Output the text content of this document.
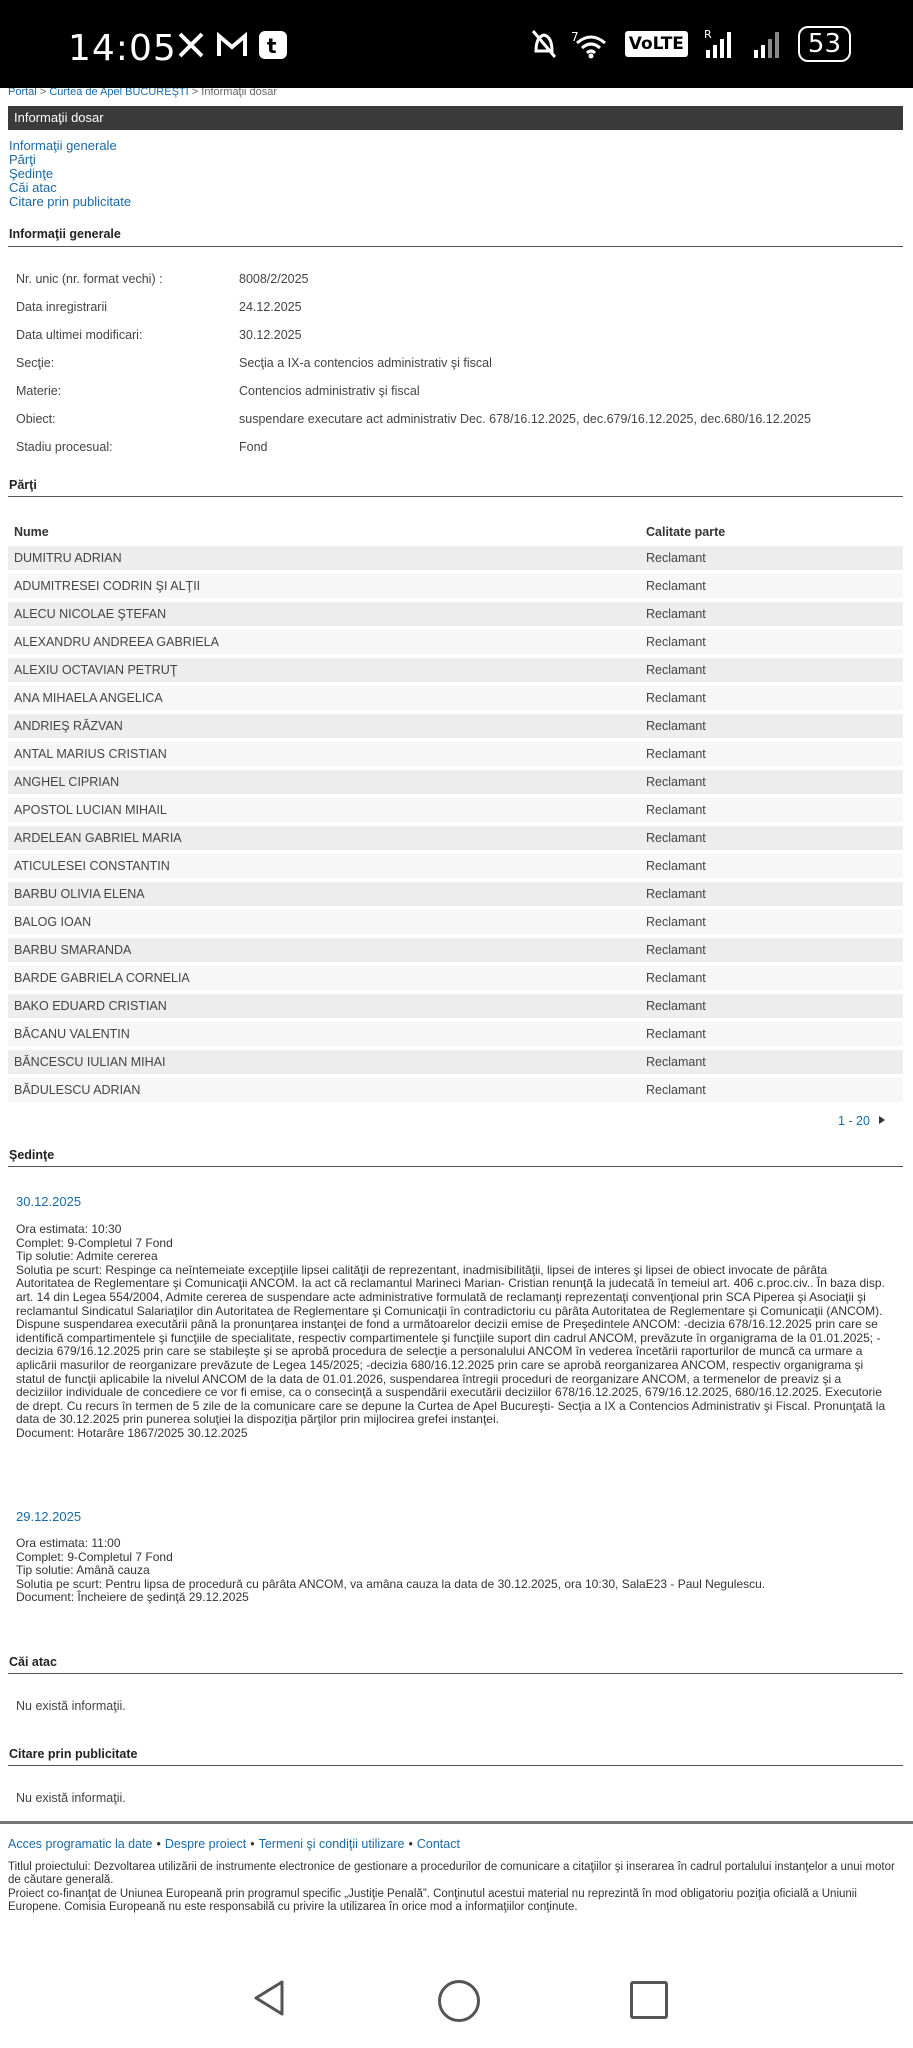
14:05	t	7	VoLTE	R	53
Portal > Curtea de Apel BUCUREŞTI > Informaţii dosar
Informaţii dosar
Informaţii generale
Părţi
Şedinţe
Căi atac
Citare prin publicitate
Informaţii generale
Nr. unic (nr. format vechi) :	8008/2/2025
Data inregistrarii	24.12.2025
Data ultimei modificari:	30.12.2025
Secţie:	Secţia a IX-a contencios administrativ şi fiscal
Materie:	Contencios administrativ şi fiscal
Obiect:	suspendare executare act administrativ Dec. 678/16.12.2025, dec.679/16.12.2025, dec.680/16.12.2025
Stadiu procesual:	Fond
Părţi
Nume	Calitate parte
DUMITRU ADRIAN	Reclamant
ADUMITRESEI CODRIN ŞI ALŢII	Reclamant
ALECU NICOLAE ŞTEFAN	Reclamant
ALEXANDRU ANDREEA GABRIELA	Reclamant
ALEXIU OCTAVIAN PETRUŢ	Reclamant
ANA MIHAELA ANGELICA	Reclamant
ANDRIEŞ RĂZVAN	Reclamant
ANTAL MARIUS CRISTIAN	Reclamant
ANGHEL CIPRIAN	Reclamant
APOSTOL LUCIAN MIHAIL	Reclamant
ARDELEAN GABRIEL MARIA	Reclamant
ATICULESEI CONSTANTIN	Reclamant
BARBU OLIVIA ELENA	Reclamant
BALOG IOAN	Reclamant
BARBU SMARANDA	Reclamant
BARDE GABRIELA CORNELIA	Reclamant
BAKO EDUARD CRISTIAN	Reclamant
BĂCANU VALENTIN	Reclamant
BĂNCESCU IULIAN MIHAI	Reclamant
BĂDULESCU ADRIAN	Reclamant
1 - 20
Şedinţe
30.12.2025
Ora estimata: 10:30
Complet: 9-Completul 7 Fond
Tip solutie: Admite cererea
Solutia pe scurt: Respinge ca neîntemeiate excepţiile lipsei calităţii de reprezentant, inadmisibilităţii, lipsei de interes şi lipsei de obiect invocate de pârâta Autoritatea de Reglementare şi Comunicaţii ANCOM. Ia act că reclamantul Marineci Marian- Cristian renunţă la judecată în temeiul art. 406 c.proc.civ.. În baza disp. art. 14 din Legea 554/2004, Admite cererea de suspendare acte administrative formulată de reclamanţi reprezentaţi convenţional prin SCA Piperea şi Asociaţii şi reclamantul Sindicatul Salariaţilor din Autoritatea de Reglementare şi Comunicaţii în contradictoriu cu pârâta Autoritatea de Reglementare şi Comunicaţii (ANCOM). Dispune suspendarea executării până la pronunţarea instanţei de fond a următoarelor decizii emise de Preşedintele ANCOM: -decizia 678/16.12.2025 prin care se identifică compartimentele şi funcţiile de specialitate, respectiv compartimentele şi funcţiile suport din cadrul ANCOM, prevăzute în organigrama de la 01.01.2025; -decizia 679/16.12.2025 prin care se stabileşte şi se aprobă procedura de selecţie a personalului ANCOM în vederea încetării raporturilor de muncă ca urmare a aplicării masurilor de reorganizare prevăzute de Legea 145/2025; -decizia 680/16.12.2025 prin care se aprobă reorganizarea ANCOM, respectiv organigrama şi statul de funcţii aplicabile la nivelul ANCOM de la data de 01.01.2026, suspendarea întregii proceduri de reorganizare ANCOM, a termenelor de preaviz şi a deciziilor individuale de concediere ce vor fi emise, ca o consecinţă a suspendării executării deciziilor 678/16.12.2025, 679/16.12.2025, 680/16.12.2025. Executorie de drept. Cu recurs în termen de 5 zile de la comunicare care se depune la Curtea de Apel Bucureşti- Secţia a IX a Contencios Administrativ şi Fiscal. Pronunţată la data de 30.12.2025 prin punerea soluţiei la dispoziţia părţilor prin mijlocirea grefei instanţei.
Document: Hotarâre 1867/2025 30.12.2025
29.12.2025
Ora estimata: 11:00
Complet: 9-Completul 7 Fond
Tip solutie: Amână cauza
Solutia pe scurt: Pentru lipsa de procedură cu pârâta ANCOM, va amâna cauza la data de 30.12.2025, ora 10:30, SalaE23 - Paul Negulescu.
Document: Încheiere de şedinţă 29.12.2025
Căi atac
Nu există informaţii.
Citare prin publicitate
Nu există informaţii.
Acces programatic la date • Despre proiect • Termeni şi condiţii utilizare • Contact
Titlul proiectului: Dezvoltarea utilizării de instrumente electronice de gestionare a procedurilor de comunicare a citaţiilor şi inserarea în cadrul portalului instanţelor a unui motor de căutare generală.
Proiect co-finanţat de Uniunea Europeană prin programul specific „Justiţie Penală”. Conţinutul acestui material nu reprezintă în mod obligatoriu poziţia oficială a Uniunii Europene. Comisia Europeană nu este responsabilă cu privire la utilizarea în orice mod a informaţiilor conţinute.
